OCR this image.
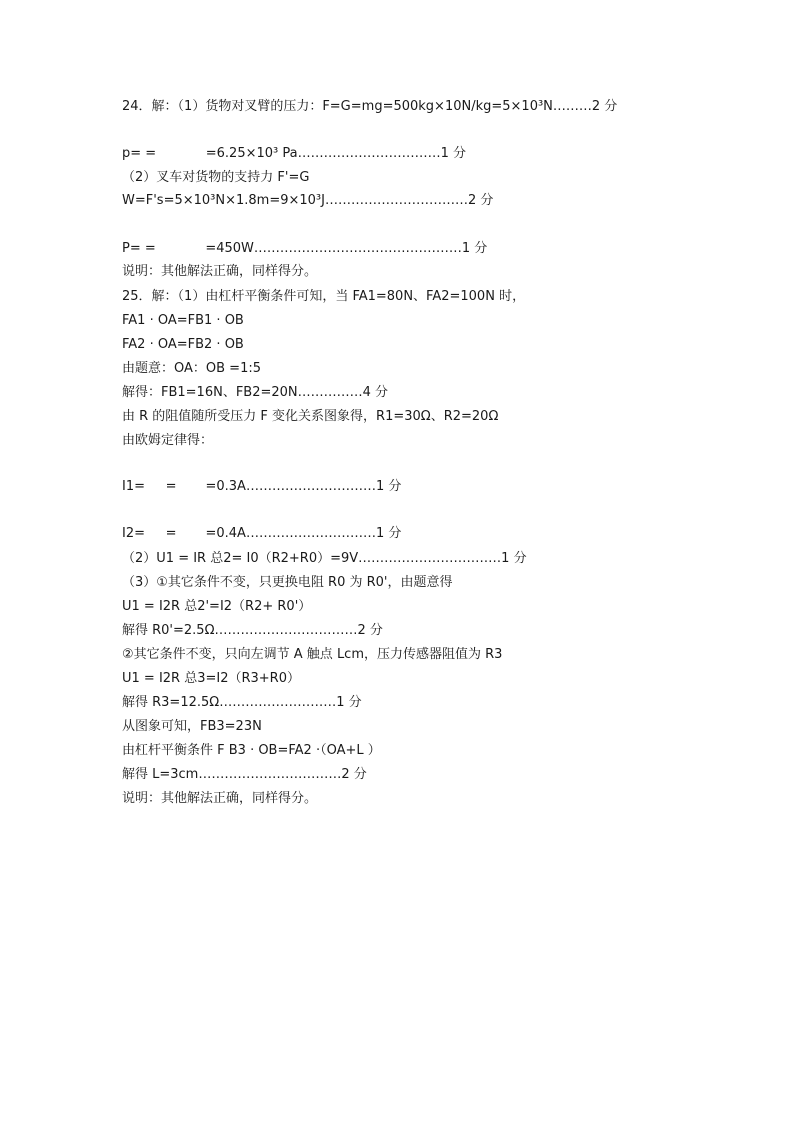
24．解：（1）货物对叉臂的压力：F=G=mg=500kg×10N/kg=5×10³N………2 分
p= =            =6.25×10³ Pa……………………………1 分
（2）叉车对货物的支持力 F'=G
W=F's=5×10³N×1.8m=9×10³J……………………………2 分
P= =            =450W…………………………………………1 分
说明：其他解法正确，同样得分。
25．解：（1）由杠杆平衡条件可知，当 FA1=80N、FA2=100N 时，
FA1 · OA=FB1 · OB
FA2 · OA=FB2 · OB
由题意：OA：OB =1:5
解得：FB1=16N、FB2=20N……………4 分
由 R 的阻值随所受压力 F 变化关系图象得，R1=30Ω、R2=20Ω
由欧姆定律得：
I1=     =       =0.3A…………………………1 分
I2=     =       =0.4A…………………………1 分
（2）U1 = IR 总2= I0（R2+R0）=9V……………………………1 分
（3）①其它条件不变，只更换电阻 R0 为 R0'，由题意得
U1 = I2R 总2'=I2（R2+ R0'）
解得 R0'=2.5Ω……………………………2 分
②其它条件不变，只向左调节 A 触点 Lcm，压力传感器阻值为 R3
U1 = I2R 总3=I2（R3+R0）
解得 R3=12.5Ω………………………1 分
从图象可知，FB3=23N
由杠杆平衡条件 F B3 · OB=FA2 ·（OA+L ）
解得 L=3cm……………………………2 分
说明：其他解法正确，同样得分。
